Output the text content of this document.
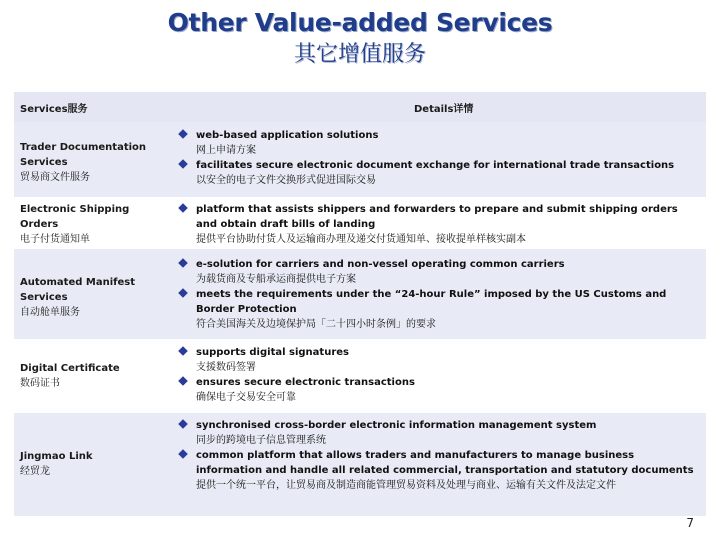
Other Value-added Services
其它增值服务
Services服务	Details详情
Trader Documentation Services
贸易商文件服务
web-based application solutions
网上申请方案
facilitates secure electronic document exchange for international trade transactions
以安全的电子文件交换形式促进国际交易
Electronic Shipping Orders
电子付货通知单
platform that assists shippers and forwarders to prepare and submit shipping orders and obtain draft bills of landing
提供平台协助付货人及运输商办理及递交付货通知单、接收提单样核实副本
Automated Manifest Services
自动舱单服务
e-solution for carriers and non-vessel operating common carriers
为载货商及专船承运商提供电子方案
meets the requirements under the “24-hour Rule” imposed by the US Customs and Border Protection
符合美国海关及边境保护局「二十四小时条例」的要求
Digital Certificate
数码证书
supports digital signatures
支援数码签署
ensures secure electronic transactions
确保电子交易安全可靠
Jingmao Link
经贸龙
synchronised cross-border electronic information management system
同步的跨境电子信息管理系统
common platform that allows traders and manufacturers to manage business information and handle all related commercial, transportation and statutory documents
提供一个统一平台，让贸易商及制造商能管理贸易资料及处理与商业、运输有关文件及法定文件
7
